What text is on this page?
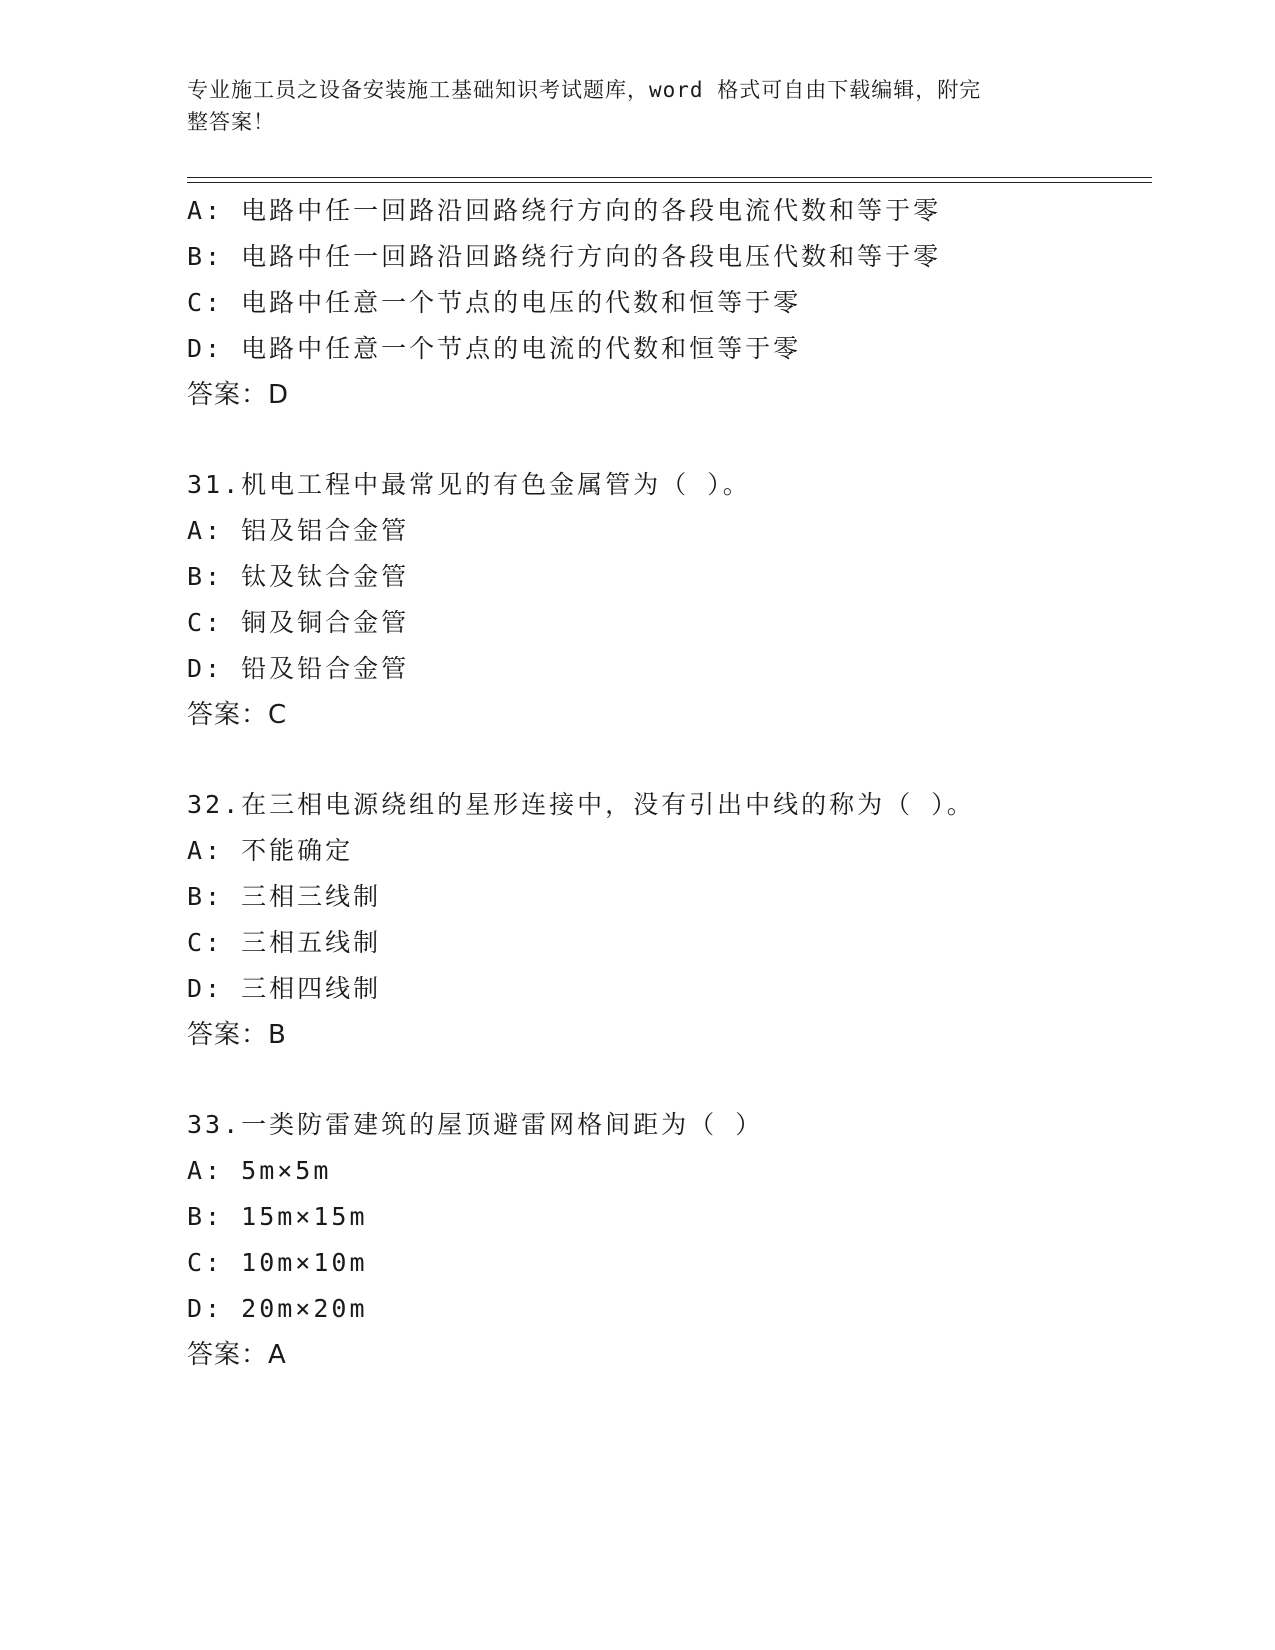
专业施工员之设备安装施工基础知识考试题库，word 格式可自由下载编辑，附完
整答案！
A: 电路中任一回路沿回路绕行方向的各段电流代数和等于零
B: 电路中任一回路沿回路绕行方向的各段电压代数和等于零
C: 电路中任意一个节点的电压的代数和恒等于零
D: 电路中任意一个节点的电流的代数和恒等于零
答案：D
31.机电工程中最常见的有色金属管为（ ）。
A: 铝及铝合金管
B: 钛及钛合金管
C: 铜及铜合金管
D: 铅及铅合金管
答案：C
32.在三相电源绕组的星形连接中，没有引出中线的称为（ ）。
A: 不能确定
B: 三相三线制
C: 三相五线制
D: 三相四线制
答案：B
33.一类防雷建筑的屋顶避雷网格间距为（ ）
A: 5m×5m
B: 15m×15m
C: 10m×10m
D: 20m×20m
答案：A
